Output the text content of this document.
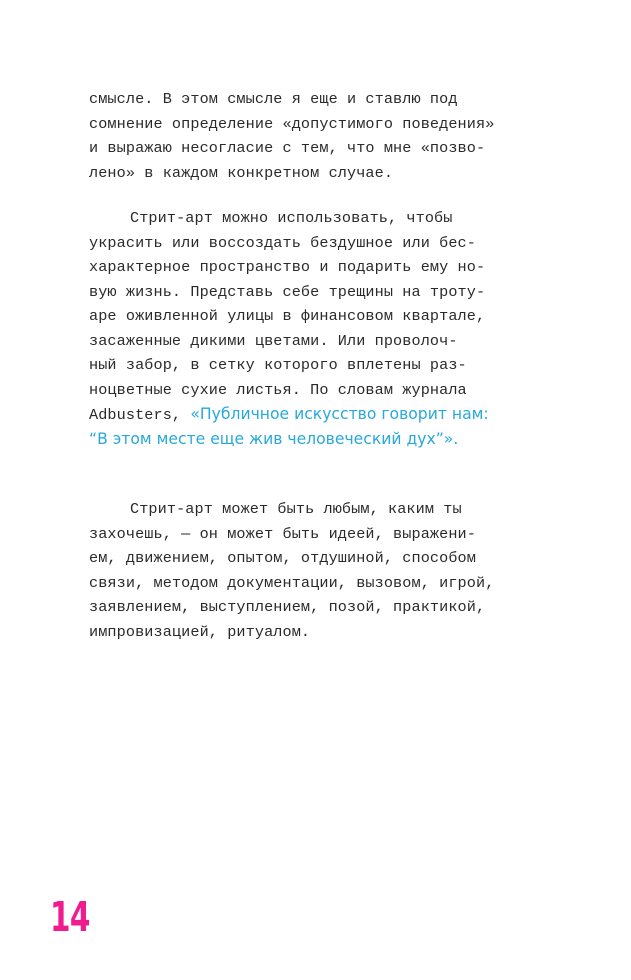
смысле. В этом смысле я еще и ставлю под
сомнение определение «допустимого поведения»
и выражаю несогласие с тем, что мне «позво-
лено» в каждом конкретном случае.
Стрит-арт можно использовать, чтобы
украсить или воссоздать бездушное или бес-
характерное пространство и подарить ему но-
вую жизнь. Представь себе трещины на троту-
аре оживленной улицы в финансовом квартале,
засаженные дикими цветами. Или проволоч-
ный забор, в сетку которого вплетены раз-
ноцветные сухие листья. По словам журнала
Adbusters, «Публичное искусство говорит нам:
“В этом месте еще жив человеческий дух”».
Стрит-арт может быть любым, каким ты
захочешь, — он может быть идеей, выражени-
ем, движением, опытом, отдушиной, способом
связи, методом документации, вызовом, игрой,
заявлением, выступлением, позой, практикой,
импровизацией, ритуалом.
14
